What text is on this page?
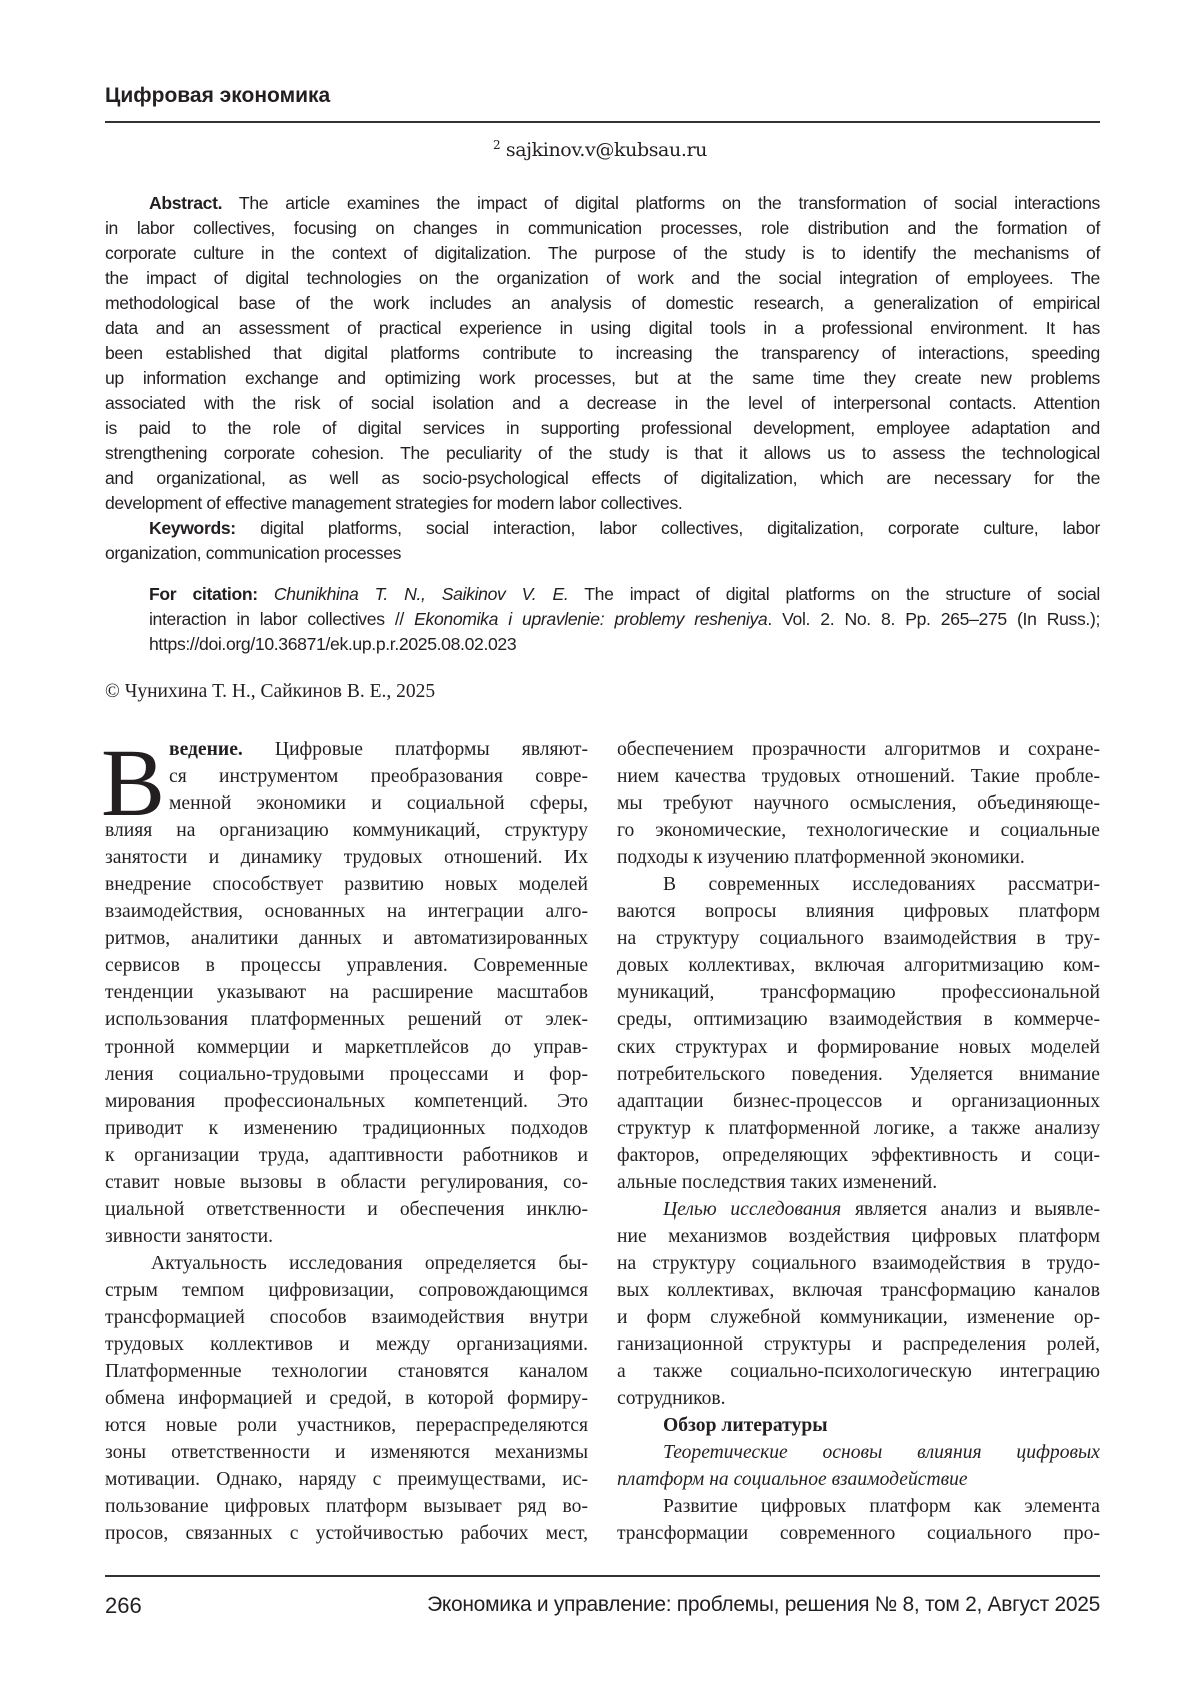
Цифровая экономика
2 sajkinov.v@kubsau.ru
Abstract. The article examines the impact of digital platforms on the transformation of social interactions
in labor collectives, focusing on changes in communication processes, role distribution and the formation of
corporate culture in the context of digitalization. The purpose of the study is to identify the mechanisms of
the impact of digital technologies on the organization of work and the social integration of employees. The
methodological base of the work includes an analysis of domestic research, a generalization of empirical
data and an assessment of practical experience in using digital tools in a professional environment. It has
been established that digital platforms contribute to increasing the transparency of interactions, speeding
up information exchange and optimizing work processes, but at the same time they create new problems
associated with the risk of social isolation and a decrease in the level of interpersonal contacts. Attention
is paid to the role of digital services in supporting professional development, employee adaptation and
strengthening corporate cohesion. The peculiarity of the study is that it allows us to assess the technological
and organizational, as well as socio-psychological effects of digitalization, which are necessary for the
development of effective management strategies for modern labor collectives.
Keywords: digital platforms, social interaction, labor collectives, digitalization, corporate culture, labor
organization, communication processes
For citation: Chunikhina T. N., Saikinov V. E. The impact of digital platforms on the structure of social
interaction in labor collectives // Ekonomika i upravlenie: problemy resheniya. Vol. 2. No. 8. Pp. 265–275 (In Russ.);
https://doi.org/10.36871/ek.up.p.r.2025.08.02.023
© Чунихина Т. Н., Сайкинов В. Е., 2025
В ведение. Цифровые платформы являют-
ся инструментом преобразования совре-
менной экономики и социальной сферы,
влияя на организацию коммуникаций, структуру
занятости и динамику трудовых отношений. Их
внедрение способствует развитию новых моделей
взаимодействия, основанных на интеграции алго-
ритмов, аналитики данных и автоматизированных
сервисов в процессы управления. Современные
тенденции указывают на расширение масштабов
использования платформенных решений от элек-
тронной коммерции и маркетплейсов до управ-
ления социально-трудовыми процессами и фор-
мирования профессиональных компетенций. Это
приводит к изменению традиционных подходов
к организации труда, адаптивности работников и
ставит новые вызовы в области регулирования, со-
циальной ответственности и обеспечения инклю-
зивности занятости.
Актуальность исследования определяется бы-
стрым темпом цифровизации, сопровождающимся
трансформацией способов взаимодействия внутри
трудовых коллективов и между организациями.
Платформенные технологии становятся каналом
обмена информацией и средой, в которой формиру-
ются новые роли участников, перераспределяются
зоны ответственности и изменяются механизмы
мотивации. Однако, наряду с преимуществами, ис-
пользование цифровых платформ вызывает ряд во-
просов, связанных с устойчивостью рабочих мест,
обеспечением прозрачности алгоритмов и сохране-
нием качества трудовых отношений. Такие пробле-
мы требуют научного осмысления, объединяюще-
го экономические, технологические и социальные
подходы к изучению платформенной экономики.
В современных исследованиях рассматри-
ваются вопросы влияния цифровых платформ
на структуру социального взаимодействия в тру-
довых коллективах, включая алгоритмизацию ком-
муникаций, трансформацию профессиональной
среды, оптимизацию взаимодействия в коммерче-
ских структурах и формирование новых моделей
потребительского поведения. Уделяется внимание
адаптации бизнес-процессов и организационных
структур к платформенной логике, а также анализу
факторов, определяющих эффективность и соци-
альные последствия таких изменений.
Целью исследования является анализ и выявле-
ние механизмов воздействия цифровых платформ
на структуру социального взаимодействия в трудо-
вых коллективах, включая трансформацию каналов
и форм служебной коммуникации, изменение ор-
ганизационной структуры и распределения ролей,
а также социально-психологическую интеграцию
сотрудников.
Обзор литературы
Теоретические основы влияния цифровых
платформ на социальное взаимодействие
Развитие цифровых платформ как элемента
трансформации современного социального про-
266	Экономика и управление: проблемы, решения № 8, том 2, Август 2025
